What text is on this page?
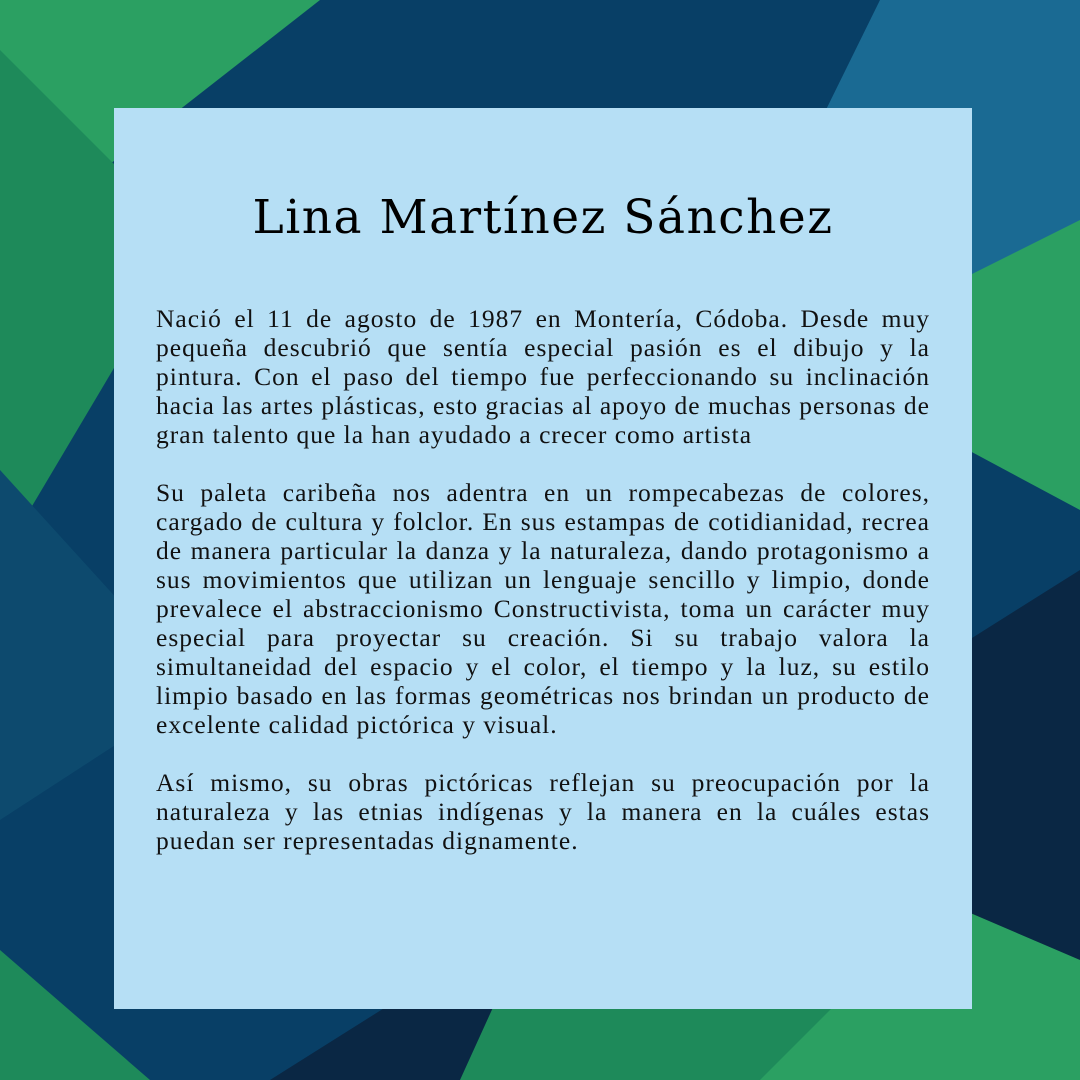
Lina Martínez Sánchez

Nació el 11 de agosto de 1987 en Montería, Códoba. Desde muy pequeña descubrió que sentía especial pasión es el dibujo y la pintura. Con el paso del tiempo fue perfeccionando su inclinación hacia las artes plásticas, esto gracias al apoyo de muchas personas de gran talento que la han ayudado a crecer como artista

Su paleta caribeña nos adentra en un rompecabezas de colores, cargado de cultura y folclor. En sus estampas de cotidianidad, recrea de manera particular la danza y la naturaleza, dando protagonismo a sus movimientos que utilizan un lenguaje sencillo y limpio, donde prevalece el abstraccionismo Constructivista, toma un carácter muy especial para proyectar su creación. Si su trabajo valora la simultaneidad del espacio y el color, el tiempo y la luz, su estilo limpio basado en las formas geométricas nos brindan un producto de excelente calidad pictórica y visual.

Así mismo, su obras pictóricas reflejan su preocupación por la naturaleza y las etnias indígenas y la manera en la cuáles estas puedan ser representadas dignamente.
